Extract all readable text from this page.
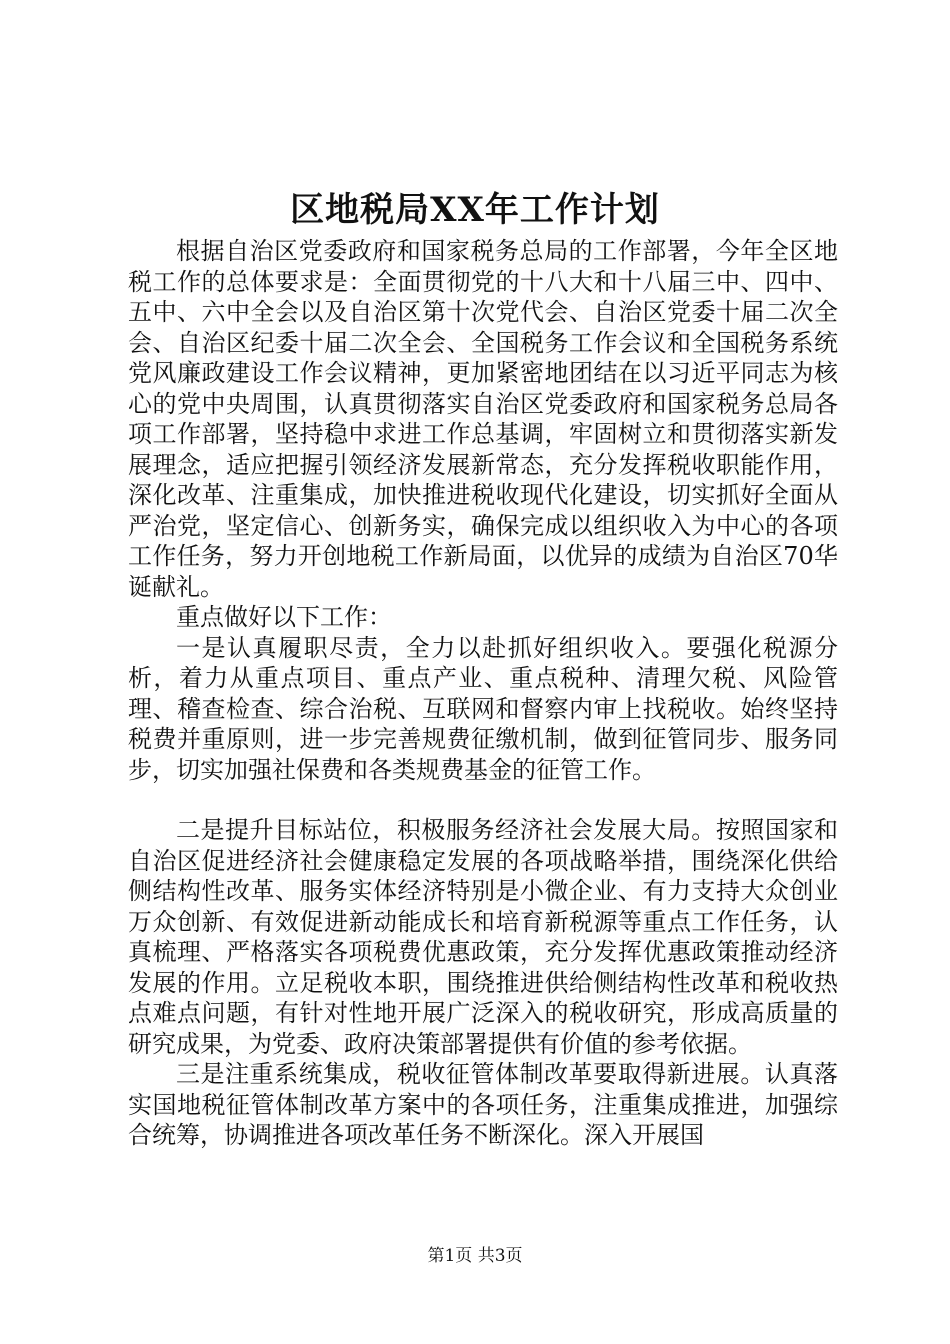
区地税局XX年工作计划

根据自治区党委政府和国家税务总局的工作部署，今年全区地税工作的总体要求是：全面贯彻党的十八大和十八届三中、四中、五中、六中全会以及自治区第十次党代会、自治区党委十届二次全会、自治区纪委十届二次全会、全国税务工作会议和全国税务系统党风廉政建设工作会议精神，更加紧密地团结在以习近平同志为核心的党中央周围，认真贯彻落实自治区党委政府和国家税务总局各项工作部署，坚持稳中求进工作总基调，牢固树立和贯彻落实新发展理念，适应把握引领经济发展新常态，充分发挥税收职能作用，深化改革、注重集成，加快推进税收现代化建设，切实抓好全面从严治党，坚定信心、创新务实，确保完成以组织收入为中心的各项工作任务，努力开创地税工作新局面，以优异的成绩为自治区70华诞献礼。

重点做好以下工作：

一是认真履职尽责，全力以赴抓好组织收入。要强化税源分析，着力从重点项目、重点产业、重点税种、清理欠税、风险管理、稽查检查、综合治税、互联网和督察内审上找税收。始终坚持税费并重原则，进一步完善规费征缴机制，做到征管同步、服务同步，切实加强社保费和各类规费基金的征管工作。

二是提升目标站位，积极服务经济社会发展大局。按照国家和自治区促进经济社会健康稳定发展的各项战略举措，围绕深化供给侧结构性改革、服务实体经济特别是小微企业、有力支持大众创业万众创新、有效促进新动能成长和培育新税源等重点工作任务，认真梳理、严格落实各项税费优惠政策，充分发挥优惠政策推动经济发展的作用。立足税收本职，围绕推进供给侧结构性改革和税收热点难点问题，有针对性地开展广泛深入的税收研究，形成高质量的研究成果，为党委、政府决策部署提供有价值的参考依据。

三是注重系统集成，税收征管体制改革要取得新进展。认真落实国地税征管体制改革方案中的各项任务，注重集成推进，加强综合统筹，协调推进各项改革任务不断深化。深入开展国

第1页 共3页
